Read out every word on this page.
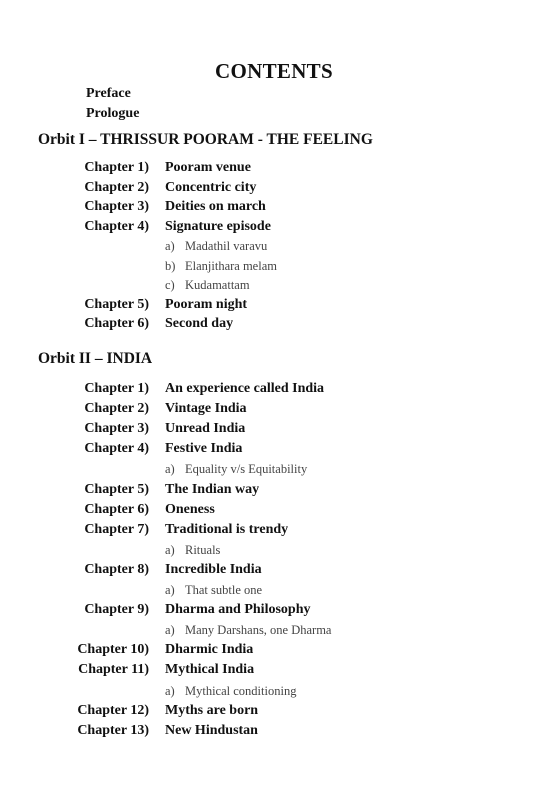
CONTENTS
Preface
Prologue
Orbit I – THRISSUR POORAM - THE FEELING
Chapter 1) Pooram venue
Chapter 2) Concentric city
Chapter 3) Deities on march
Chapter 4) Signature episode
a) Madathil varavu
b) Elanjithara melam
c) Kudamattam
Chapter 5) Pooram night
Chapter 6) Second day
Orbit II – INDIA
Chapter 1) An experience called India
Chapter 2) Vintage India
Chapter 3) Unread India
Chapter 4) Festive India
a) Equality v/s Equitability
Chapter 5) The Indian way
Chapter 6) Oneness
Chapter 7) Traditional is trendy
a) Rituals
Chapter 8) Incredible India
a) That subtle one
Chapter 9) Dharma and Philosophy
a) Many Darshans, one Dharma
Chapter 10) Dharmic India
Chapter 11) Mythical India
a) Mythical conditioning
Chapter 12) Myths are born
Chapter 13) New Hindustan
